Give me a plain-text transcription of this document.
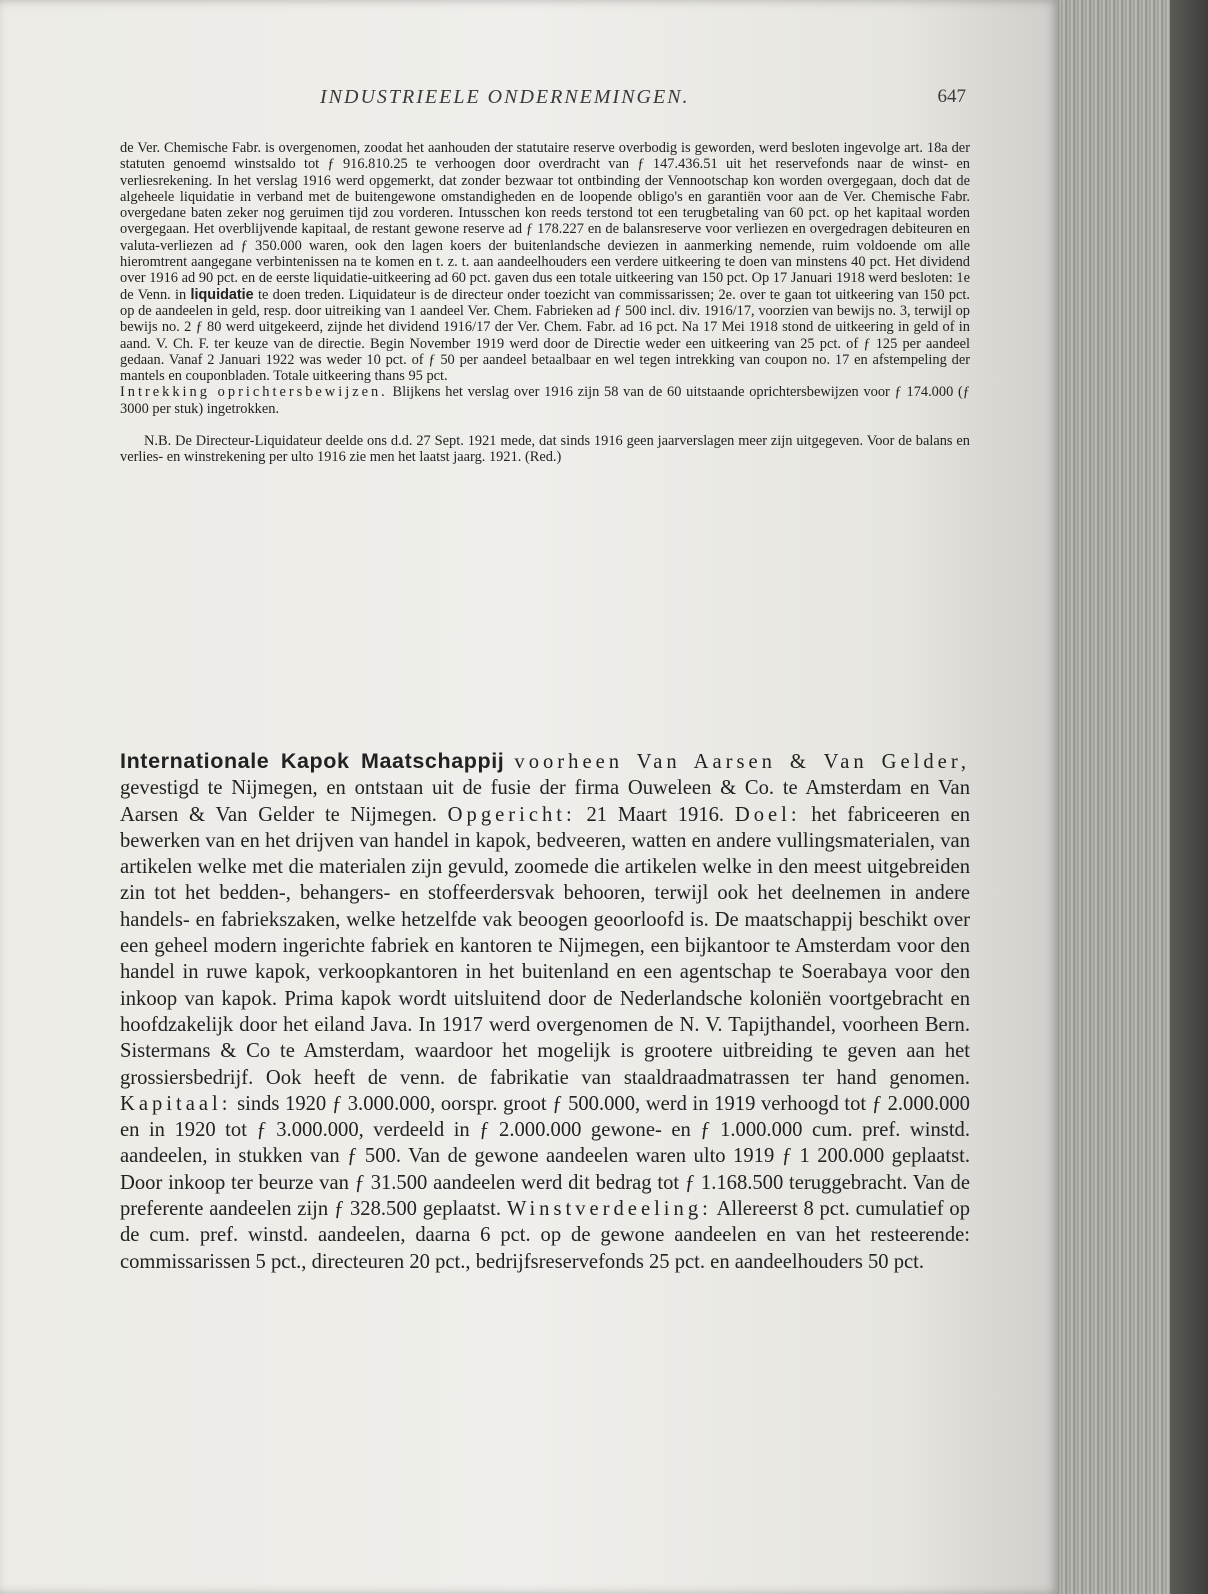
INDUSTRIEELE ONDERNEMINGEN.	647

de Ver. Chemische Fabr. is overgenomen, zoodat het aanhouden der statutaire reserve overbodig is geworden, werd besloten ingevolge art. 18a der statuten genoemd winstsaldo tot ƒ 916.810.25 te verhoogen door overdracht van ƒ 147.436.51 uit het reservefonds naar de winst- en verliesrekening. In het verslag 1916 werd opgemerkt, dat zonder bezwaar tot ontbinding der Vennootschap kon worden overgegaan, doch dat de algeheele liquidatie in verband met de buitengewone omstandigheden en de loopende obligo's en garantiën voor aan de Ver. Chemische Fabr. overgedane baten zeker nog geruimen tijd zou vorderen. Intusschen kon reeds terstond tot een terugbetaling van 60 pct. op het kapitaal worden overgegaan. Het overblijvende kapitaal, de restant gewone reserve ad ƒ 178.227 en de balansreserve voor verliezen en overgedragen debiteuren en valuta-verliezen ad ƒ 350.000 waren, ook den lagen koers der buitenlandsche deviezen in aanmerking nemende, ruim voldoende om alle hieromtrent aangegane verbintenissen na te komen en t. z. t. aan aandeelhouders een verdere uitkeering te doen van minstens 40 pct. Het dividend over 1916 ad 90 pct. en de eerste liquidatie-uitkeering ad 60 pct. gaven dus een totale uitkeering van 150 pct. Op 17 Januari 1918 werd besloten: 1e de Venn. in liquidatie te doen treden. Liquidateur is de directeur onder toezicht van commissarissen; 2e. over te gaan tot uitkeering van 150 pct. op de aandeelen in geld, resp. door uitreiking van 1 aandeel Ver. Chem. Fabrieken ad ƒ 500 incl. div. 1916/17, voorzien van bewijs no. 3, terwijl op bewijs no. 2 ƒ 80 werd uitgekeerd, zijnde het dividend 1916/17 der Ver. Chem. Fabr. ad 16 pct. Na 17 Mei 1918 stond de uitkeering in geld of in aand. V. Ch. F. ter keuze van de directie. Begin November 1919 werd door de Directie weder een uitkeering van 25 pct. of ƒ 125 per aandeel gedaan. Vanaf 2 Januari 1922 was weder 10 pct. of ƒ 50 per aandeel betaalbaar en wel tegen intrekking van coupon no. 17 en afstempeling der mantels en couponbladen. Totale uitkeering thans 95 pct.
Intrekking oprichtersbewijzen. Blijkens het verslag over 1916 zijn 58 van de 60 uitstaande oprichtersbewijzen voor ƒ 174.000 (ƒ 3000 per stuk) ingetrokken.

N.B. De Directeur-Liquidateur deelde ons d.d. 27 Sept. 1921 mede, dat sinds 1916 geen jaarverslagen meer zijn uitgegeven. Voor de balans en verlies- en winstrekening per ulto 1916 zie men het laatst jaarg. 1921. (Red.)

Internationale Kapok Maatschappij voorheen Van Aarsen & Van Gelder, gevestigd te Nijmegen, en ontstaan uit de fusie der firma Ouweleen & Co. te Amsterdam en Van Aarsen & Van Gelder te Nijmegen. Opgericht: 21 Maart 1916. Doel: het fabriceeren en bewerken van en het drijven van handel in kapok, bedveeren, watten en andere vullingsmaterialen, van artikelen welke met die materialen zijn gevuld, zoomede die artikelen welke in den meest uitgebreiden zin tot het bedden-, behangers- en stoffeerdersvak behooren, terwijl ook het deelnemen in andere handels- en fabriekszaken, welke hetzelfde vak beoogen geoorloofd is. De maatschappij beschikt over een geheel modern ingerichte fabriek en kantoren te Nijmegen, een bijkantoor te Amsterdam voor den handel in ruwe kapok, verkoopkantoren in het buitenland en een agentschap te Soerabaya voor den inkoop van kapok. Prima kapok wordt uitsluitend door de Nederlandsche koloniën voortgebracht en hoofdzakelijk door het eiland Java. In 1917 werd overgenomen de N. V. Tapijthandel, voorheen Bern. Sistermans & Co te Amsterdam, waardoor het mogelijk is grootere uitbreiding te geven aan het grossiersbedrijf. Ook heeft de venn. de fabrikatie van staaldraadmatrassen ter hand genomen. Kapitaal: sinds 1920 ƒ 3.000.000, oorspr. groot ƒ 500.000, werd in 1919 verhoogd tot ƒ 2.000.000 en in 1920 tot ƒ 3.000.000, verdeeld in ƒ 2.000.000 gewone- en ƒ 1.000.000 cum. pref. winstd. aandeelen, in stukken van ƒ 500. Van de gewone aandeelen waren ulto 1919 ƒ 1 200.000 geplaatst. Door inkoop ter beurze van ƒ 31.500 aandeelen werd dit bedrag tot ƒ 1.168.500 teruggebracht. Van de preferente aandeelen zijn ƒ 328.500 geplaatst. Winstverdeeling: Allereerst 8 pct. cumulatief op de cum. pref. winstd. aandeelen, daarna 6 pct. op de gewone aandeelen en van het resteerende: commissarissen 5 pct., directeuren 20 pct., bedrijfsreservefonds 25 pct. en aandeelhouders 50 pct.
